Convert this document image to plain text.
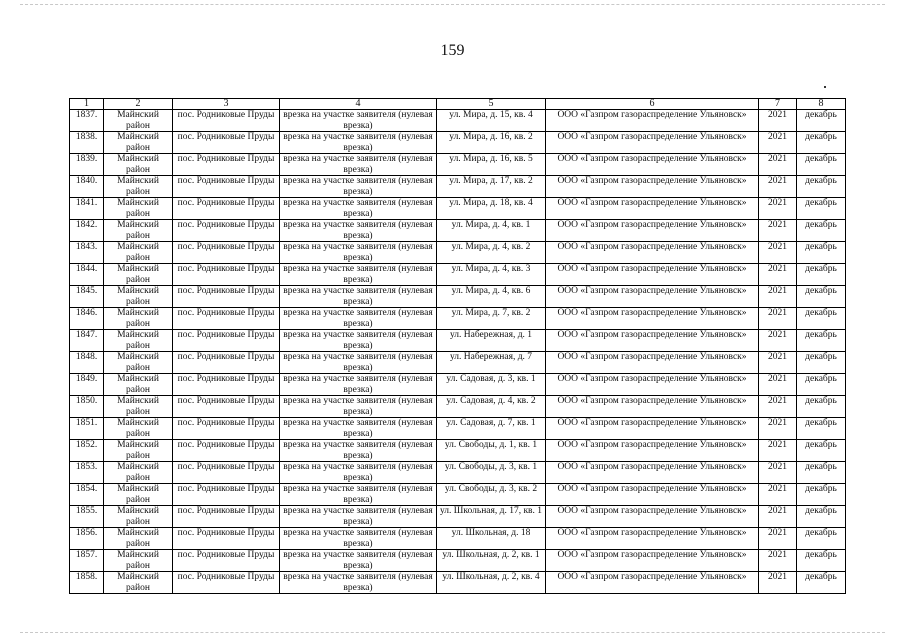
159
1	2	3	4	5	6	7	8
1837.	Майнский район	пос. Родниковые Пруды	врезка на участке заявителя (нулевая врезка)	ул. Мира, д. 15, кв. 4	ООО «Газпром газораспределение Ульяновск»	2021	декабрь
1838.	Майнский район	пос. Родниковые Пруды	врезка на участке заявителя (нулевая врезка)	ул. Мира, д. 16, кв. 2	ООО «Газпром газораспределение Ульяновск»	2021	декабрь
1839.	Майнский район	пос. Родниковые Пруды	врезка на участке заявителя (нулевая врезка)	ул. Мира, д. 16, кв. 5	ООО «Газпром газораспределение Ульяновск»	2021	декабрь
1840.	Майнский район	пос. Родниковые Пруды	врезка на участке заявителя (нулевая врезка)	ул. Мира, д. 17, кв. 2	ООО «Газпром газораспределение Ульяновск»	2021	декабрь
1841.	Майнский район	пос. Родниковые Пруды	врезка на участке заявителя (нулевая врезка)	ул. Мира, д. 18, кв. 4	ООО «Газпром газораспределение Ульяновск»	2021	декабрь
1842.	Майнский район	пос. Родниковые Пруды	врезка на участке заявителя (нулевая врезка)	ул. Мира, д. 4, кв. 1	ООО «Газпром газораспределение Ульяновск»	2021	декабрь
1843.	Майнский район	пос. Родниковые Пруды	врезка на участке заявителя (нулевая врезка)	ул. Мира, д. 4, кв. 2	ООО «Газпром газораспределение Ульяновск»	2021	декабрь
1844.	Майнский район	пос. Родниковые Пруды	врезка на участке заявителя (нулевая врезка)	ул. Мира, д. 4, кв. 3	ООО «Газпром газораспределение Ульяновск»	2021	декабрь
1845.	Майнский район	пос. Родниковые Пруды	врезка на участке заявителя (нулевая врезка)	ул. Мира, д. 4, кв. 6	ООО «Газпром газораспределение Ульяновск»	2021	декабрь
1846.	Майнский район	пос. Родниковые Пруды	врезка на участке заявителя (нулевая врезка)	ул. Мира, д. 7, кв. 2	ООО «Газпром газораспределение Ульяновск»	2021	декабрь
1847.	Майнский район	пос. Родниковые Пруды	врезка на участке заявителя (нулевая врезка)	ул. Набережная, д. 1	ООО «Газпром газораспределение Ульяновск»	2021	декабрь
1848.	Майнский район	пос. Родниковые Пруды	врезка на участке заявителя (нулевая врезка)	ул. Набережная, д. 7	ООО «Газпром газораспределение Ульяновск»	2021	декабрь
1849.	Майнский район	пос. Родниковые Пруды	врезка на участке заявителя (нулевая врезка)	ул. Садовая, д. 3, кв. 1	ООО «Газпром газораспределение Ульяновск»	2021	декабрь
1850.	Майнский район	пос. Родниковые Пруды	врезка на участке заявителя (нулевая врезка)	ул. Садовая, д. 4, кв. 2	ООО «Газпром газораспределение Ульяновск»	2021	декабрь
1851.	Майнский район	пос. Родниковые Пруды	врезка на участке заявителя (нулевая врезка)	ул. Садовая, д. 7, кв. 1	ООО «Газпром газораспределение Ульяновск»	2021	декабрь
1852.	Майнский район	пос. Родниковые Пруды	врезка на участке заявителя (нулевая врезка)	ул. Свободы, д. 1, кв. 1	ООО «Газпром газораспределение Ульяновск»	2021	декабрь
1853.	Майнский район	пос. Родниковые Пруды	врезка на участке заявителя (нулевая врезка)	ул. Свободы, д. 3, кв. 1	ООО «Газпром газораспределение Ульяновск»	2021	декабрь
1854.	Майнский район	пос. Родниковые Пруды	врезка на участке заявителя (нулевая врезка)	ул. Свободы, д. 3, кв. 2	ООО «Газпром газораспределение Ульяновск»	2021	декабрь
1855.	Майнский район	пос. Родниковые Пруды	врезка на участке заявителя (нулевая врезка)	ул. Школьная, д. 17, кв. 1	ООО «Газпром газораспределение Ульяновск»	2021	декабрь
1856.	Майнский район	пос. Родниковые Пруды	врезка на участке заявителя (нулевая врезка)	ул. Школьная, д. 18	ООО «Газпром газораспределение Ульяновск»	2021	декабрь
1857.	Майнский район	пос. Родниковые Пруды	врезка на участке заявителя (нулевая врезка)	ул. Школьная, д. 2, кв. 1	ООО «Газпром газораспределение Ульяновск»	2021	декабрь
1858.	Майнский район	пос. Родниковые Пруды	врезка на участке заявителя (нулевая врезка)	ул. Школьная, д. 2, кв. 4	ООО «Газпром газораспределение Ульяновск»	2021	декабрь
